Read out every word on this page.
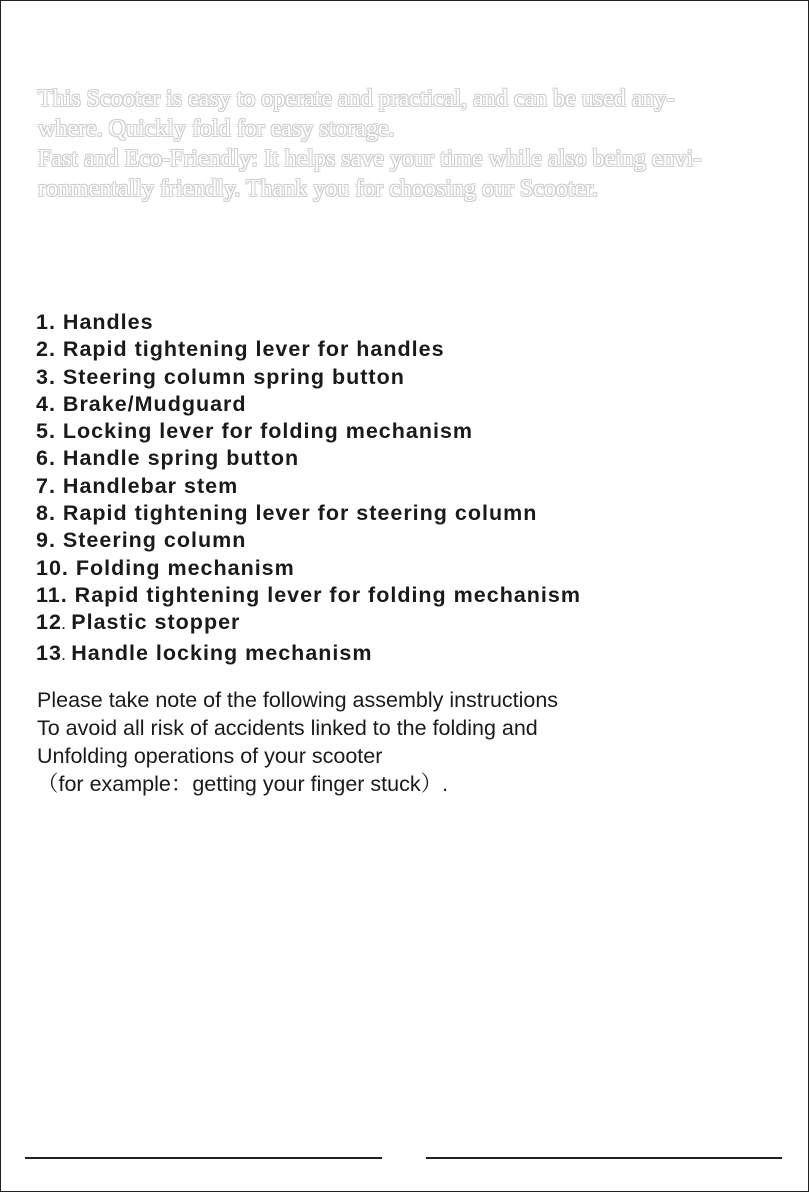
This Scooter is easy to operate and practical, and can be used any-
where. Quickly fold for easy storage.
Fast and Eco-Friendly: It helps save your time while also being envi-
ronmentally friendly. Thank you for choosing our Scooter.
1. Handles
2. Rapid tightening lever for handles
3. Steering column spring button
4. Brake/Mudguard
5. Locking lever for folding mechanism
6. Handle spring button
7. Handlebar stem
8. Rapid tightening lever for steering column
9. Steering column
10. Folding mechanism
11. Rapid tightening lever for folding mechanism
12. Plastic stopper
13. Handle locking mechanism
Please take note of the following assembly instructions
To avoid all risk of accidents linked to the folding and
Unfolding operations of your scooter
（for example：getting your finger stuck）.
